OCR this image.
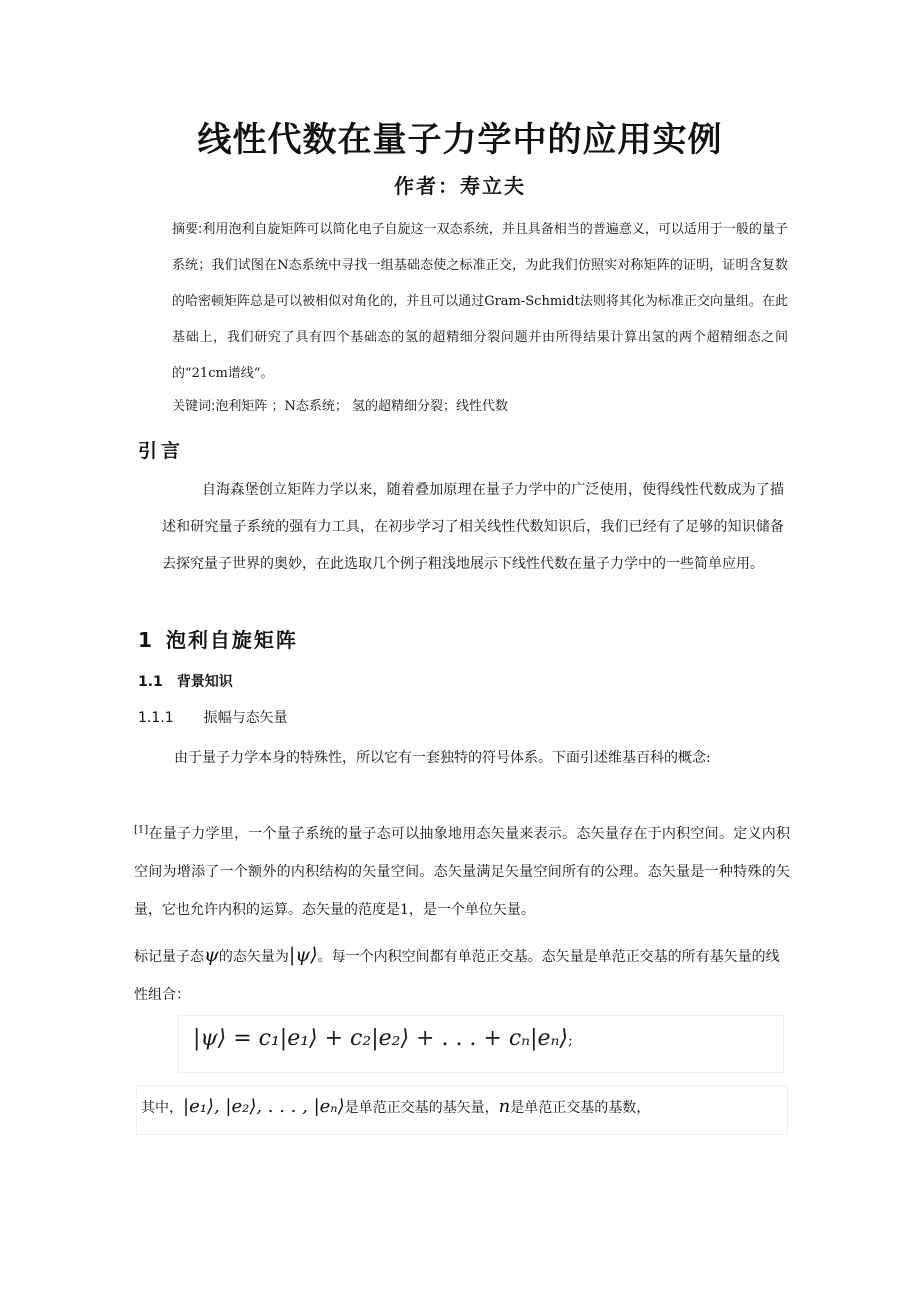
线性代数在量子力学中的应用实例
作者：寿立夫
摘要:利用泡利自旋矩阵可以简化电子自旋这一双态系统，并且具备相当的普遍意义，可以适用于一般的量子系统；我们试图在N态系统中寻找一组基础态使之标准正交，为此我们仿照实对称矩阵的证明，证明含复数的哈密顿矩阵总是可以被相似对角化的，并且可以通过Gram-Schmidt法则将其化为标准正交向量组。在此基础上，我们研究了具有四个基础态的氢的超精细分裂问题并由所得结果计算出氢的两个超精细态之间的“21cm谱线“。
关键词:泡利矩阵 ；N态系统； 氢的超精细分裂；线性代数
引言
自海森堡创立矩阵力学以来，随着叠加原理在量子力学中的广泛使用，使得线性代数成为了描述和研究量子系统的强有力工具，在初步学习了相关线性代数知识后，我们已经有了足够的知识储备去探究量子世界的奥妙，在此选取几个例子粗浅地展示下线性代数在量子力学中的一些简单应用。
1 泡利自旋矩阵
1.1 背景知识
1.1.1 振幅与态矢量
由于量子力学本身的特殊性，所以它有一套独特的符号体系。下面引述维基百科的概念:
[1]在量子力学里，一个量子系统的量子态可以抽象地用态矢量来表示。态矢量存在于内积空间。定义内积空间为增添了一个额外的内积结构的矢量空间。态矢量满足矢量空间所有的公理。态矢量是一种特殊的矢量，它也允许内积的运算。态矢量的范度是1，是一个单位矢量。
标记量子态ψ的态矢量为|ψ⟩。每一个内积空间都有单范正交基。态矢量是单范正交基的所有基矢量的线性组合：
|ψ⟩ = c₁|e₁⟩ + c₂|e₂⟩ + . . . + cₙ|eₙ⟩;
其中，|e₁⟩, |e₂⟩, . . . , |eₙ⟩是单范正交基的基矢量，n是单范正交基的基数，
